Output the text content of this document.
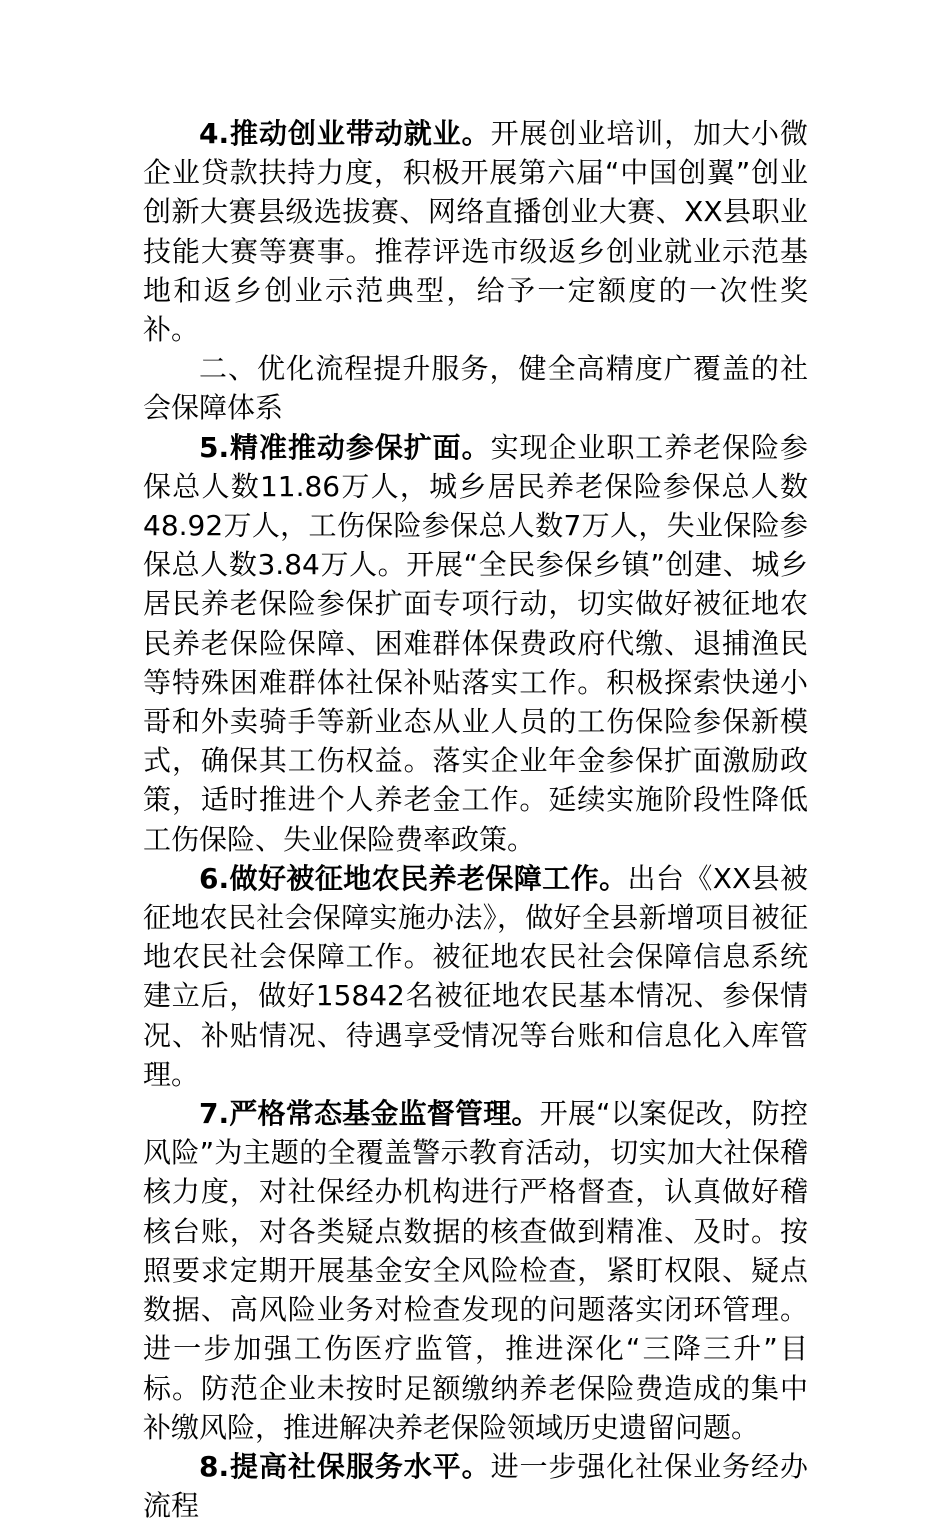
4.推动创业带动就业。开展创业培训，加大小微企业贷款扶持力度，积极开展第六届“中国创翼”创业创新大赛县级选拔赛、网络直播创业大赛、XX县职业技能大赛等赛事。推荐评选市级返乡创业就业示范基地和返乡创业示范典型，给予一定额度的一次性奖补。

二、优化流程提升服务，健全高精度广覆盖的社会保障体系

5.精准推动参保扩面。实现企业职工养老保险参保总人数11.86万人，城乡居民养老保险参保总人数48.92万人，工伤保险参保总人数7万人，失业保险参保总人数3.84万人。开展“全民参保乡镇”创建、城乡居民养老保险参保扩面专项行动，切实做好被征地农民养老保险保障、困难群体保费政府代缴、退捕渔民等特殊困难群体社保补贴落实工作。积极探索快递小哥和外卖骑手等新业态从业人员的工伤保险参保新模式，确保其工伤权益。落实企业年金参保扩面激励政策，适时推进个人养老金工作。延续实施阶段性降低工伤保险、失业保险费率政策。

6.做好被征地农民养老保障工作。出台《XX县被征地农民社会保障实施办法》，做好全县新增项目被征地农民社会保障工作。被征地农民社会保障信息系统建立后，做好15842名被征地农民基本情况、参保情况、补贴情况、待遇享受情况等台账和信息化入库管理。

7.严格常态基金监督管理。开展“以案促改，防控风险”为主题的全覆盖警示教育活动，切实加大社保稽核力度，对社保经办机构进行严格督查，认真做好稽核台账，对各类疑点数据的核查做到精准、及时。按照要求定期开展基金安全风险检查，紧盯权限、疑点数据、高风险业务对检查发现的问题落实闭环管理。进一步加强工伤医疗监管，推进深化“三降三升”目标。防范企业未按时足额缴纳养老保险费造成的集中补缴风险，推进解决养老保险领域历史遗留问题。

8.提高社保服务水平。进一步强化社保业务经办流程
